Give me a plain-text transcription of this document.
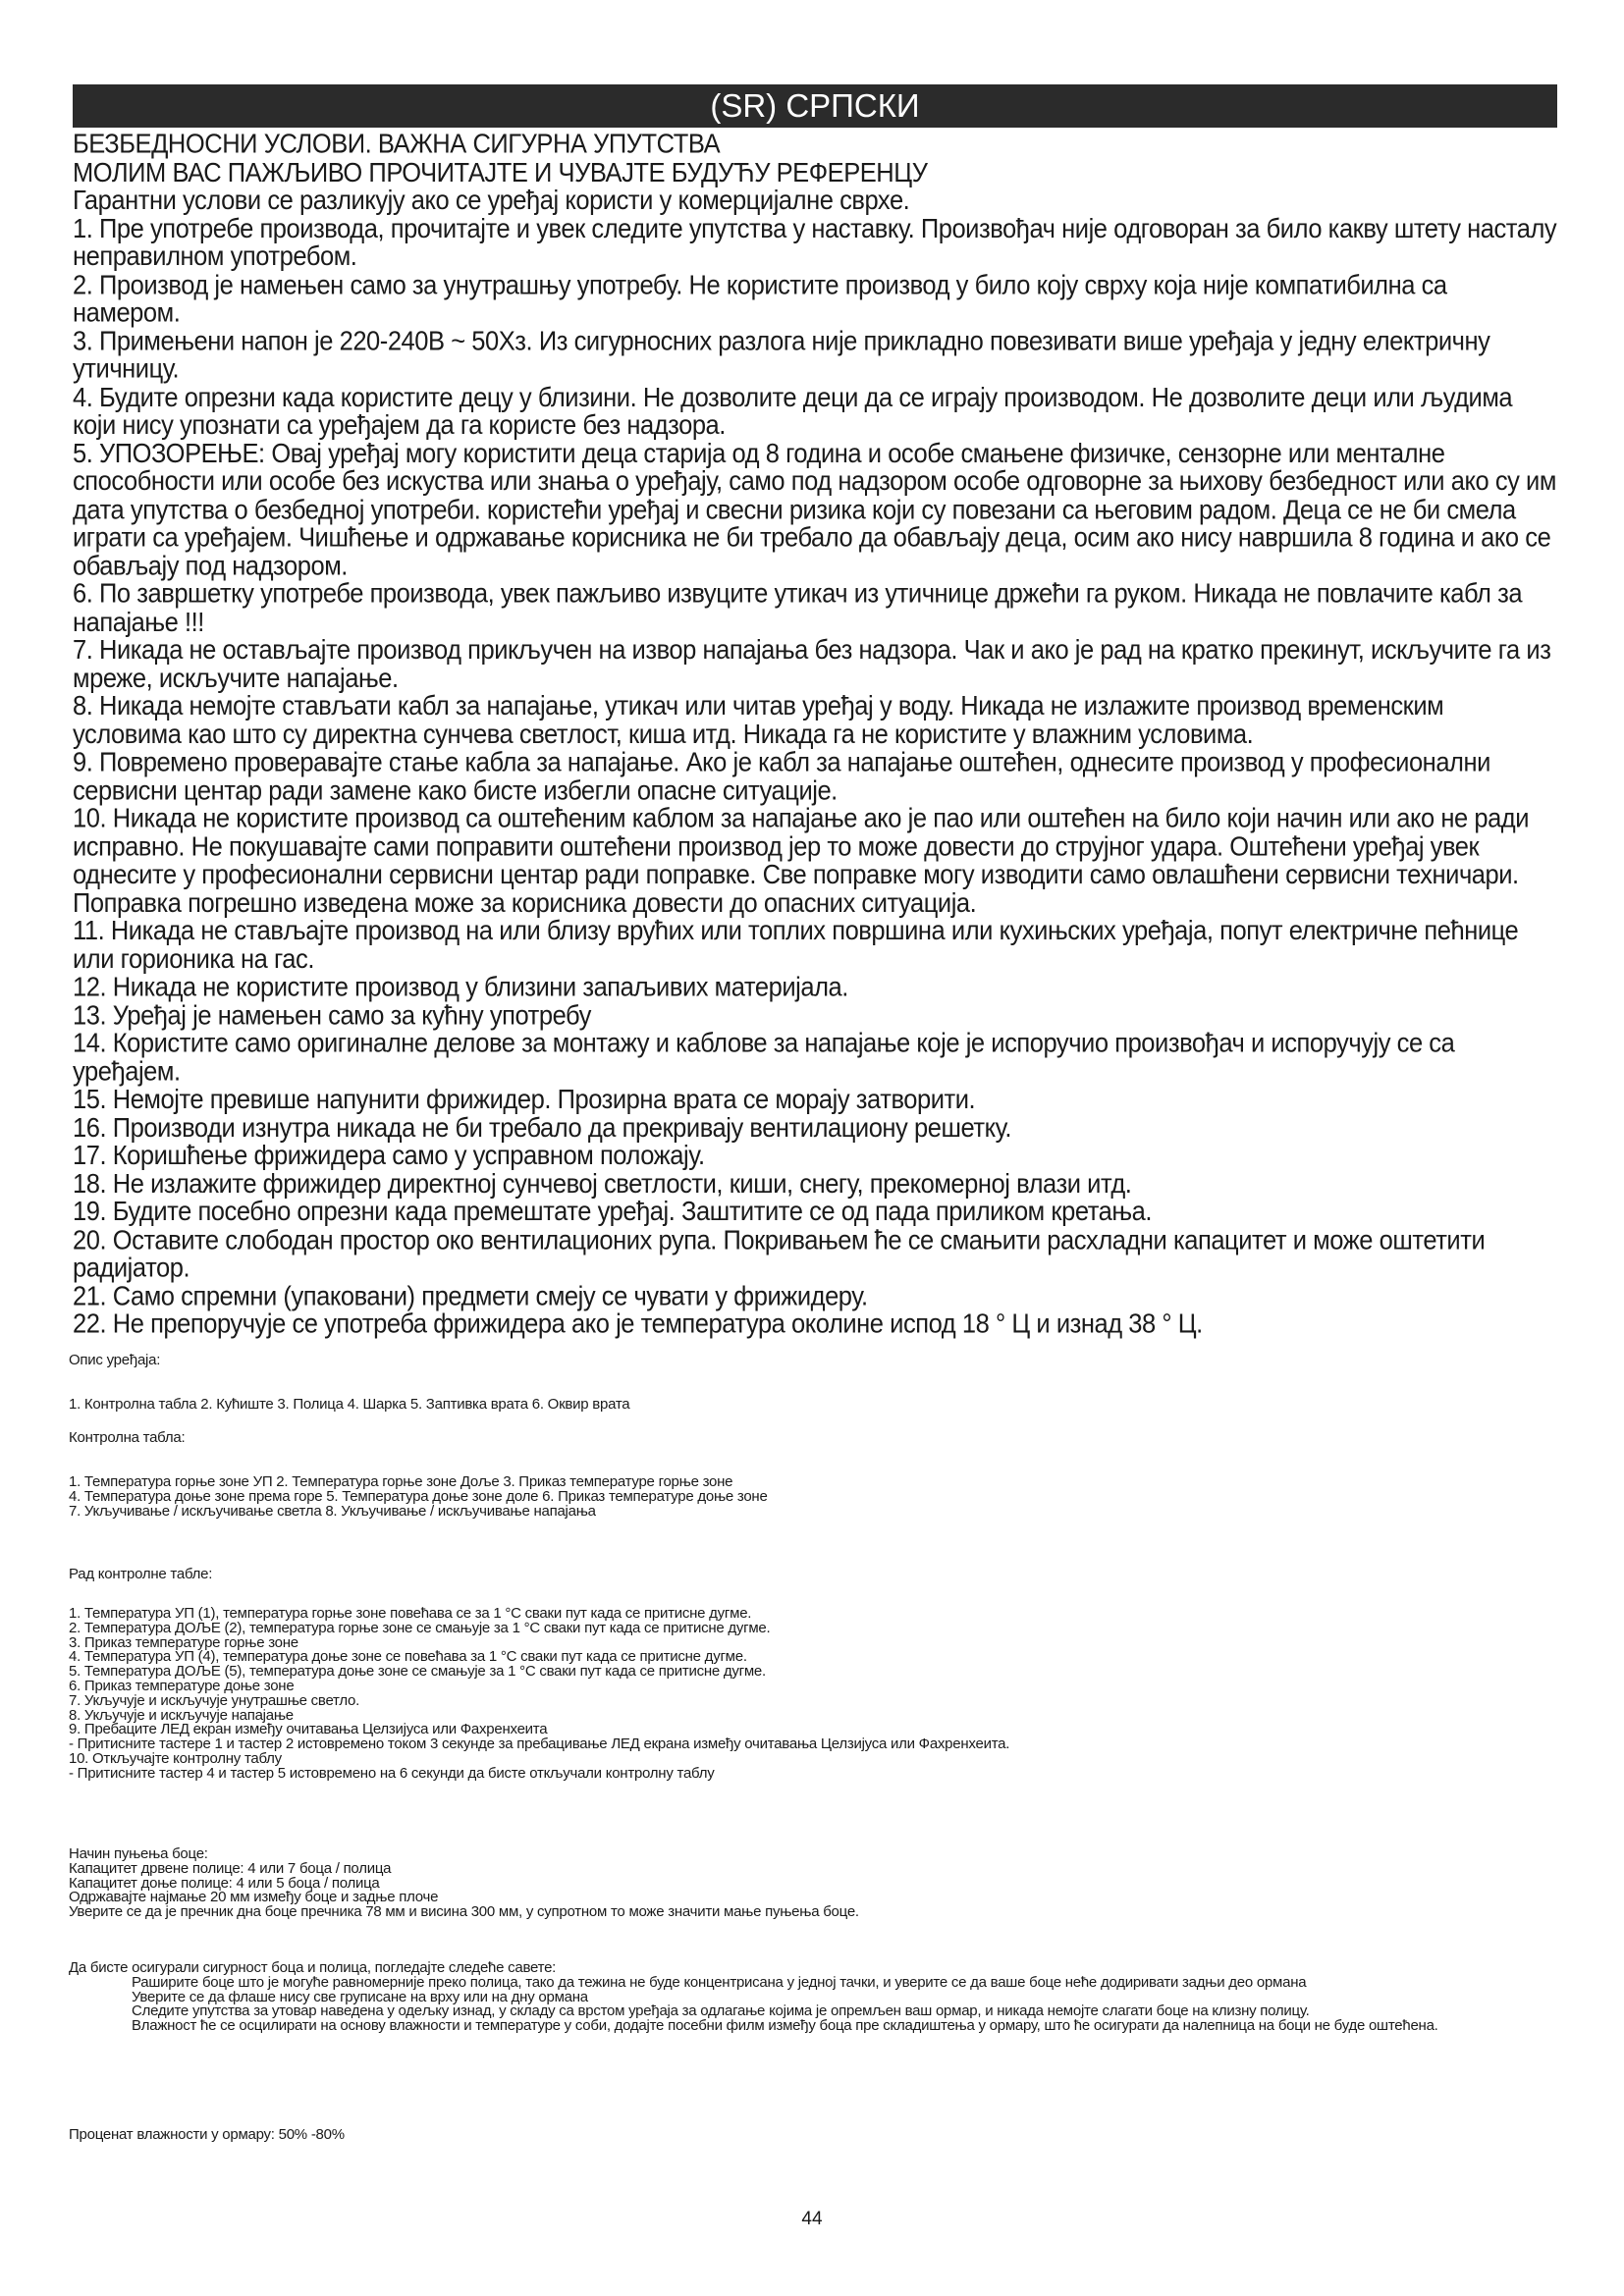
(SR) СРПСКИ

БЕЗБЕДНОСНИ УСЛОВИ. ВАЖНА СИГУРНА УПУТСТВА

МОЛИМ ВАС ПАЖЉИВО ПРОЧИТАЈТЕ И ЧУВАЈТЕ БУДУЋУ РЕФЕРЕНЦУ

Гарантни услови се разликују ако се уређај користи у комерцијалне сврхе.

1. Пре употребе производа, прочитајте и увек следите упутства у наставку. Произвођач није одговоран за било какву штету насталу неправилном употребом.

2. Производ је намењен само за унутрашњу употребу. Не користите производ у било коју сврху која није компатибилна са намером.

3. Примењени напон је 220-240В ~ 50Хз. Из сигурносних разлога није прикладно повезивати више уређаја у једну електричну утичницу.

4. Будите опрезни када користите децу у близини. Не дозволите деци да се играју производом. Не дозволите деци или људима који нису упознати са уређајем да га користе без надзора.

5. УПОЗОРЕЊЕ: Овај уређај могу користити деца старија од 8 година и особе смањене физичке, сензорне или менталне способности или особе без искуства или знања о уређају, само под надзором особе одговорне за њихову безбедност или ако су им дата упутства о безбедној употреби. користећи уређај и свесни ризика који су повезани са његовим радом. Деца се не би смела играти са уређајем. Чишћење и одржавање корисника не би требало да обављају деца, осим ако нису навршила 8 година и ако се обављају под надзором.

6. По завршетку употребе производа, увек пажљиво извуците утикач из утичнице држећи га руком. Никада не повлачите кабл за напајање !!!

7. Никада не остављајте производ прикључен на извор напајања без надзора. Чак и ако је рад на кратко прекинут, искључите га из мреже, искључите напајање.

8. Никада немојте стављати кабл за напајање, утикач или читав уређај у воду. Никада не излажите производ временским условима као што су директна сунчева светлост, киша итд. Никада га не користите у влажним условима.

9. Повремено проверавајте стање кабла за напајање. Ако је кабл за напајање оштећен, однесите производ у професионални сервисни центар ради замене како бисте избегли опасне ситуације.

10. Никада не користите производ са оштећеним каблом за напајање ако је пао или оштећен на било који начин или ако не ради исправно. Не покушавајте сами поправити оштећени производ јер то може довести до струјног удара. Оштећени уређај увек однесите у професионални сервисни центар ради поправке. Све поправке могу изводити само овлашћени сервисни техничари. Поправка погрешно изведена може за корисника довести до опасних ситуација.

11. Никада не стављајте производ на или близу врућих или топлих површина или кухињских уређаја, попут електричне пећнице или горионика на гас.

12. Никада не користите производ у близини запаљивих материјала.

13. Уређај је намењен само за кућну употребу

14. Користите само оригиналне делове за монтажу и каблове за напајање које је испоручио произвођач и испоручују се са уређајем.

15. Немојте превише напунити фрижидер. Прозирна врата се морају затворити.

16. Производи изнутра никада не би требало да прекривају вентилациону решетку.

17. Коришћење фрижидера само у усправном положају.

18. Не излажите фрижидер директној сунчевој светлости, киши, снегу, прекомерној влази итд.

19. Будите посебно опрезни када премештате уређај. Заштитите се од пада приликом кретања.

20. Оставите слободан простор око вентилационих рупа. Покривањем ће се смањити расхладни капацитет и може оштетити радијатор.

21. Само спремни (упаковани) предмети смеју се чувати у фрижидеру.

22. Не препоручује се употреба фрижидера ако је температура околине испод 18 ° Ц и изнад 38 ° Ц.

Опис уређаја:

1. Контролна табла 2. Кућиште 3. Полица 4. Шарка 5. Заптивка врата 6. Оквир врата

Контролна табла:

1. Температура горње зоне УП 2. Температура горње зоне Доље 3. Приказ температуре горње зоне

4. Температура доње зоне према горе 5. Температура доње зоне доле 6. Приказ температуре доње зоне

7. Укључивање / искључивање светла 8. Укључивање / искључивање напајања

Рад контролне табле:

1. Температура УП (1), температура горње зоне повећава се за 1 °С сваки пут када се притисне дугме.

2. Температура ДОЉЕ (2), температура горње зоне се смањује за 1 °С сваки пут када се притисне дугме.

3. Приказ температуре горње зоне

4. Температура УП (4), температура доње зоне се повећава за 1 °С сваки пут када се притисне дугме.

5. Температура ДОЉЕ (5), температура доње зоне се смањује за 1 °С сваки пут када се притисне дугме.

6. Приказ температуре доње зоне

7. Укључује и искључује унутрашње светло.

8. Укључује и искључује напајање

9. Пребаците ЛЕД екран између очитавања Целзијуса или Фахренхеита

- Притисните тастере 1 и тастер 2 истовремено током 3 секунде за пребацивање ЛЕД екрана између очитавања Целзијуса или Фахренхеита.

10. Откључајте контролну таблу

- Притисните тастер 4 и тастер 5 истовремено на 6 секунди да бисте откључали контролну таблу

Начин пуњења боце:

Капацитет дрвене полице: 4 или 7 боца / полица

Капацитет доње полице: 4 или 5 боца / полица

Одржавајте најмање 20 мм између боце и задње плоче

Уверите се да је пречник дна боце пречника 78 мм и висина 300 мм, у супротном то може значити мање пуњења боце.

Да бисте осигурали сигурност боца и полица, погледајте следеће савете:

Раширите боце што је могуће равномерније преко полица, тако да тежина не буде концентрисана у једној тачки, и уверите се да ваше боце неће додиривати задњи део ормана

Уверите се да флаше нису све груписане на врху или на дну ормана

Следите упутства за утовар наведена у одељку изнад, у складу са врстом уређаја за одлагање којима је опремљен ваш ормар, и никада немојте слагати боце на клизну полицу.

Влажност ће се осцилирати на основу влажности и температуре у соби, додајте посебни филм између боца пре складиштења у ормару, што ће осигурати да налепница на боци не буде оштећена.

Проценат влажности у ормару: 50% -80%

44
